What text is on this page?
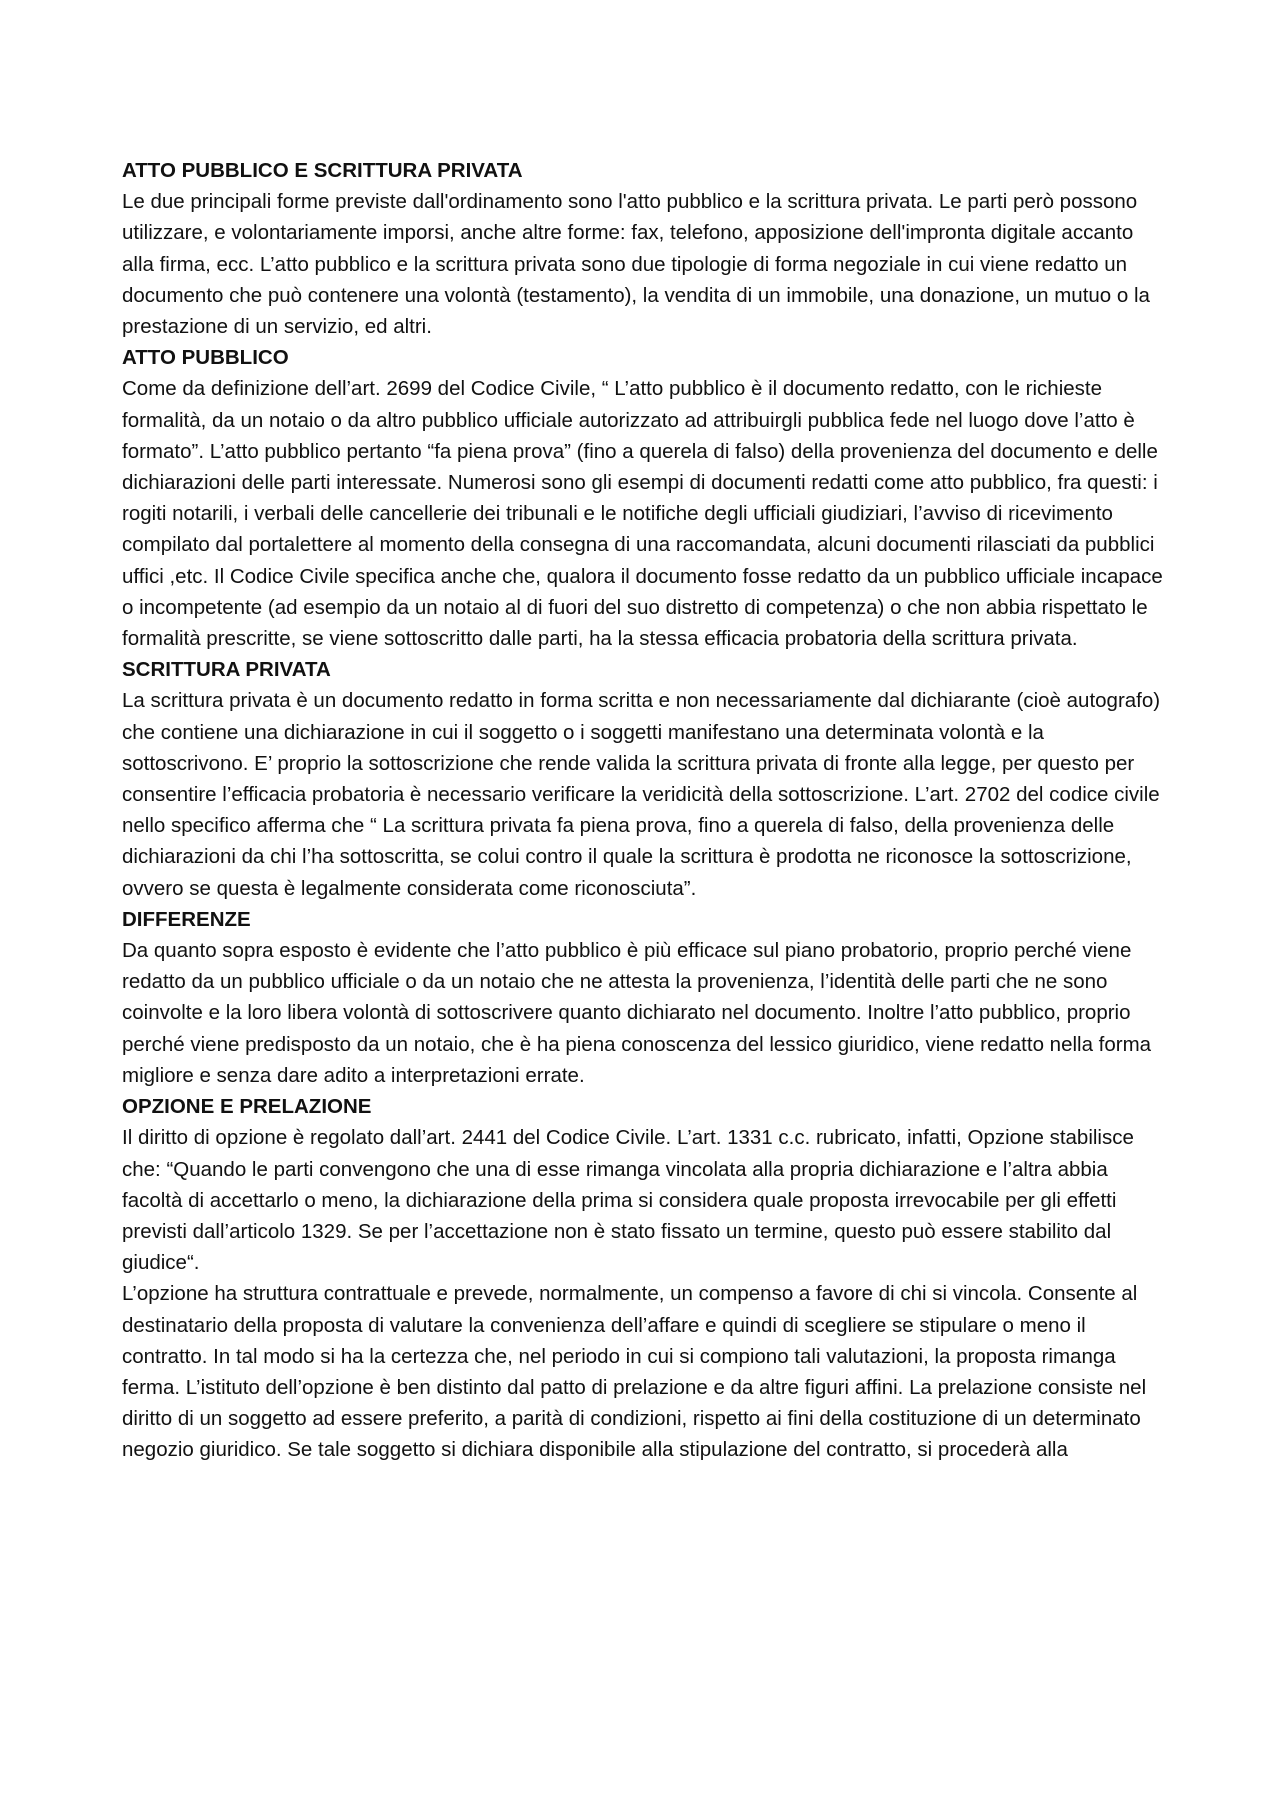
ATTO PUBBLICO E SCRITTURA PRIVATA

Le due principali forme previste dall'ordinamento sono l'atto pubblico e la scrittura privata. Le parti però possono utilizzare, e volontariamente imporsi, anche altre forme: fax, telefono, apposizione dell'impronta digitale accanto alla firma, ecc. L’atto pubblico e la scrittura privata sono due tipologie di forma negoziale in cui viene redatto un documento che può contenere una volontà (testamento), la vendita di un immobile, una donazione, un mutuo o la prestazione di un servizio, ed altri.

ATTO PUBBLICO

Come da definizione dell’art. 2699 del Codice Civile, “ L’atto pubblico è il documento redatto, con le richieste formalità, da un notaio o da altro pubblico ufficiale autorizzato ad attribuirgli pubblica fede nel luogo dove l’atto è formato”. L’atto pubblico pertanto “fa piena prova” (fino a querela di falso) della provenienza del documento e delle dichiarazioni delle parti interessate. Numerosi sono gli esempi di documenti redatti come atto pubblico, fra questi: i rogiti notarili, i verbali delle cancellerie dei tribunali e le notifiche degli ufficiali giudiziari, l’avviso di ricevimento compilato dal portalettere al momento della consegna di una raccomandata, alcuni documenti rilasciati da pubblici uffici ,etc. Il Codice Civile specifica anche che, qualora il documento fosse redatto da un pubblico ufficiale incapace o incompetente (ad esempio da un notaio al di fuori del suo distretto di competenza) o che non abbia rispettato le formalità prescritte, se viene sottoscritto dalle parti, ha la stessa efficacia probatoria della scrittura privata.

SCRITTURA PRIVATA

La scrittura privata è un documento redatto in forma scritta e non necessariamente dal dichiarante (cioè autografo) che contiene una dichiarazione in cui il soggetto o i soggetti manifestano una determinata volontà e la sottoscrivono. E’ proprio la sottoscrizione che rende valida la scrittura privata di fronte alla legge, per questo per consentire l’efficacia probatoria è necessario verificare la veridicità della sottoscrizione. L’art. 2702 del codice civile nello specifico afferma che “ La scrittura privata fa piena prova, fino a querela di falso, della provenienza delle dichiarazioni da chi l’ha sottoscritta, se colui contro il quale la scrittura è prodotta ne riconosce la sottoscrizione, ovvero se questa è legalmente considerata come riconosciuta”.

DIFFERENZE

Da quanto sopra esposto è evidente che l’atto pubblico è più efficace sul piano probatorio, proprio perché viene redatto da un pubblico ufficiale o da un notaio che ne attesta la provenienza, l’identità delle parti che ne sono coinvolte e la loro libera volontà di sottoscrivere quanto dichiarato nel documento. Inoltre l’atto pubblico, proprio perché viene predisposto da un notaio, che è ha piena conoscenza del lessico giuridico, viene redatto nella forma migliore e senza dare adito a interpretazioni errate.

OPZIONE E PRELAZIONE

Il diritto di opzione è regolato dall’art. 2441 del Codice Civile. L’art. 1331 c.c. rubricato, infatti, Opzione stabilisce che: “Quando le parti convengono che una di esse rimanga vincolata alla propria dichiarazione e l’altra abbia facoltà di accettarlo o meno, la dichiarazione della prima si considera quale proposta irrevocabile per gli effetti previsti dall’articolo 1329. Se per l’accettazione non è stato fissato un termine, questo può essere stabilito dal giudice“.

L’opzione ha struttura contrattuale e prevede, normalmente, un compenso a favore di chi si vincola. Consente al destinatario della proposta di valutare la convenienza dell’affare e quindi di scegliere se stipulare o meno il contratto. In tal modo si ha la certezza che, nel periodo in cui si compiono tali valutazioni, la proposta rimanga ferma. L’istituto dell’opzione è ben distinto dal patto di prelazione e da altre figuri affini. La prelazione consiste nel diritto di un soggetto ad essere preferito, a parità di condizioni, rispetto ai fini della costituzione di un determinato negozio giuridico. Se tale soggetto si dichiara disponibile alla stipulazione del contratto, si procederà alla
